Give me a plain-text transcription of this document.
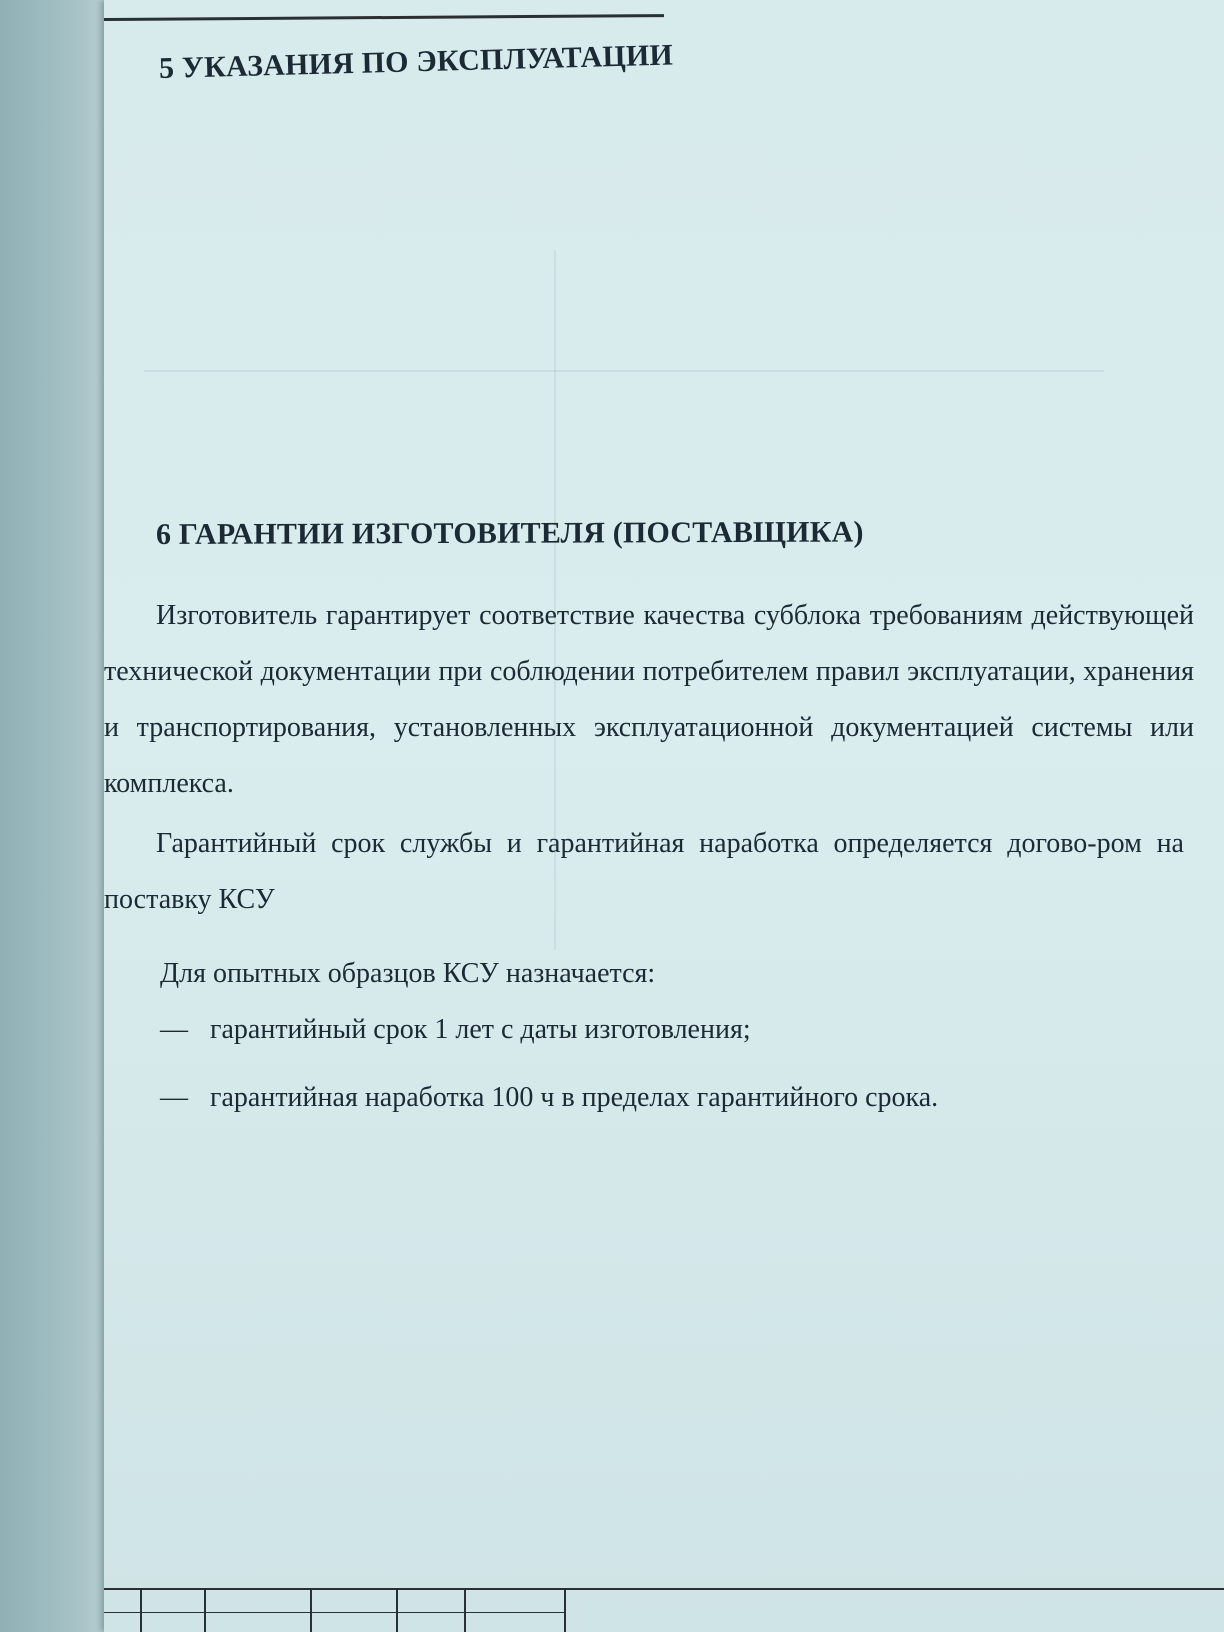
5 УКАЗАНИЯ ПО ЭКСПЛУАТАЦИИ
6 ГАРАНТИИ ИЗГОТОВИТЕЛЯ (ПОСТАВЩИКА)

Изготовитель гарантирует соответствие качества субблока требованиям действующей технической документации при соблюдении потребителем правил эксплуатации, хранения и транспортирования, установленных эксплуатационной документацией системы или комплекса.

Гарантийный срок службы и гарантийная наработка определяется догово-ром на поставку КСУ

Для опытных образцов КСУ назначается:

— гарантийный срок 1 лет с даты изготовления;
— гарантийная наработка 100 ч в пределах гарантийного срока.
